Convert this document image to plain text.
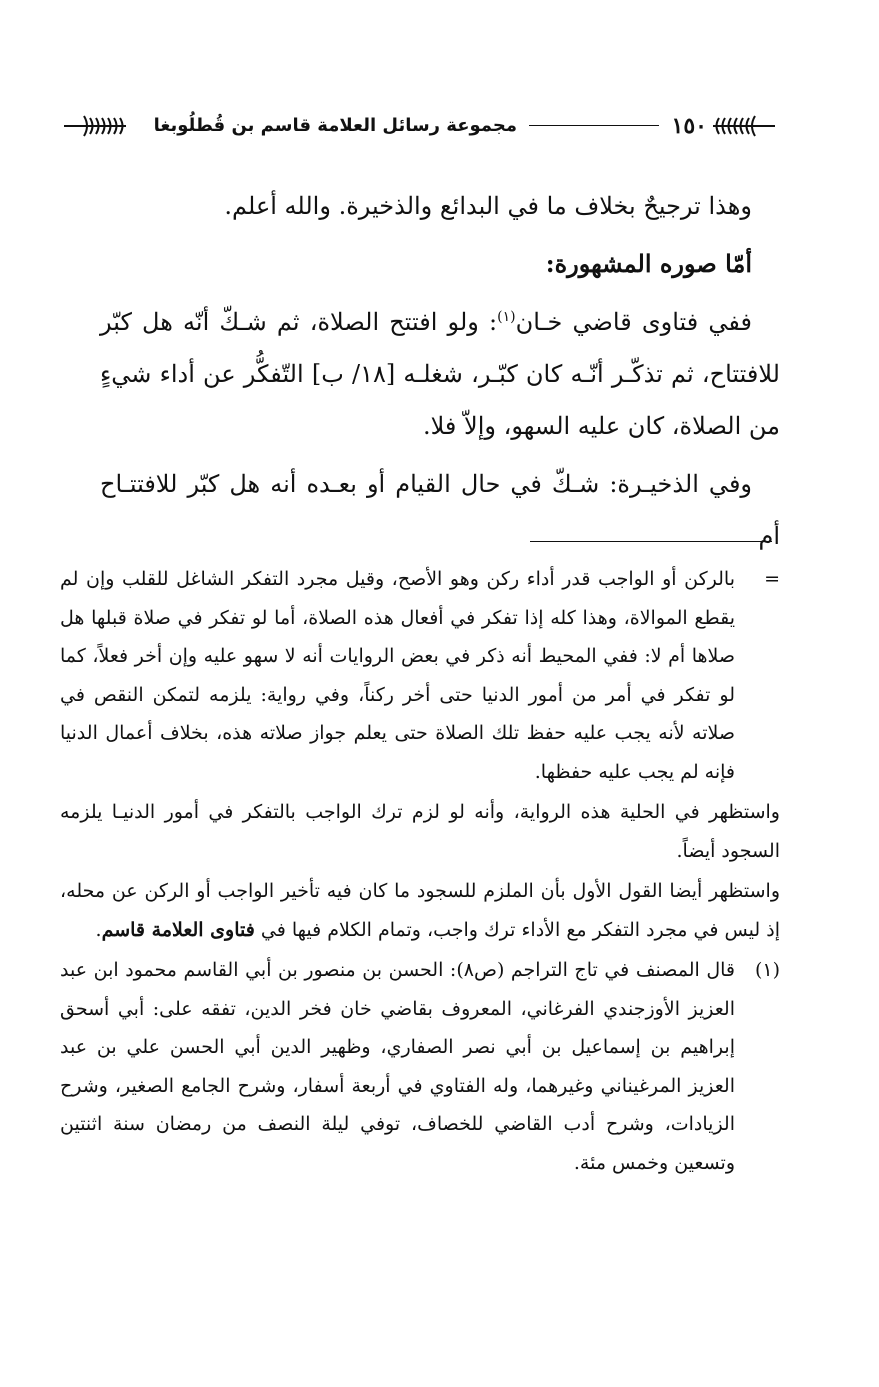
١٥٠
مجموعة رسائل العلامة قاسم بن قُطلُوبغا

وهذا ترجيحٌ بخلاف ما في البدائع والذخيرة. والله أعلم.

أمّا صوره المشهورة:

ففي فتاوى قاضي خـان$^{(١)}$: ولو افتتح الصلاة، ثم شـكّ أنّه هل كبّر للافتتاح، ثم تذكّـر أنّـه كان كبّـر، شغلـه [١٨/ ب] التّفكُّر عن أداء شيءٍ من الصلاة، كان عليه السهو، وإلاّ فلا.

وفي الذخيـرة: شـكّ في حال القيام أو بعـده أنه هل كبّر للافتتـاح أم

=

بالركن أو الواجب قدر أداء ركن وهو الأصح، وقيل مجرد التفكر الشاغل للقلب وإن لم يقطع الموالاة، وهذا كله إذا تفكر في أفعال هذه الصلاة، أما لو تفكر في صلاة قبلها هل صلاها أم لا: ففي المحيط أنه ذكر في بعض الروايات أنه لا سهو عليه وإن أخر فعلاً، كما لو تفكر في أمر من أمور الدنيا حتى أخر ركناً، وفي رواية: يلزمه لتمكن النقص في صلاته لأنه يجب عليه حفظ تلك الصلاة حتى يعلم جواز صلاته هذه، بخلاف أعمال الدنيا فإنه لم يجب عليه حفظها.

واستظهر في الحلية هذه الرواية، وأنه لو لزم ترك الواجب بالتفكر في أمور الدنيـا يلزمه السجود أيضاً.

واستظهر أيضا القول الأول بأن الملزم للسجود ما كان فيه تأخير الواجب أو الركن عن محله، إذ ليس في مجرد التفكر مع الأداء ترك واجب، وتمام الكلام فيها في فتاوى العلامة قاسم.

(١)

قال المصنف في تاج التراجم (ص٨): الحسن بن منصور بن أبي القاسم محمود ابن عبد العزيز الأوزجندي الفرغاني، المعروف بقاضي خان فخر الدين، تفقه على: أبي أسحق إبراهيم بن إسماعيل بن أبي نصر الصفاري، وظهير الدين أبي الحسن علي بن عبد العزيز المرغيناني وغيرهما، وله الفتاوي في أربعة أسفار، وشرح الجامع الصغير، وشرح الزيادات، وشرح أدب القاضي للخصاف، توفي ليلة النصف من رمضان سنة اثنتين وتسعين وخمس مئة.
